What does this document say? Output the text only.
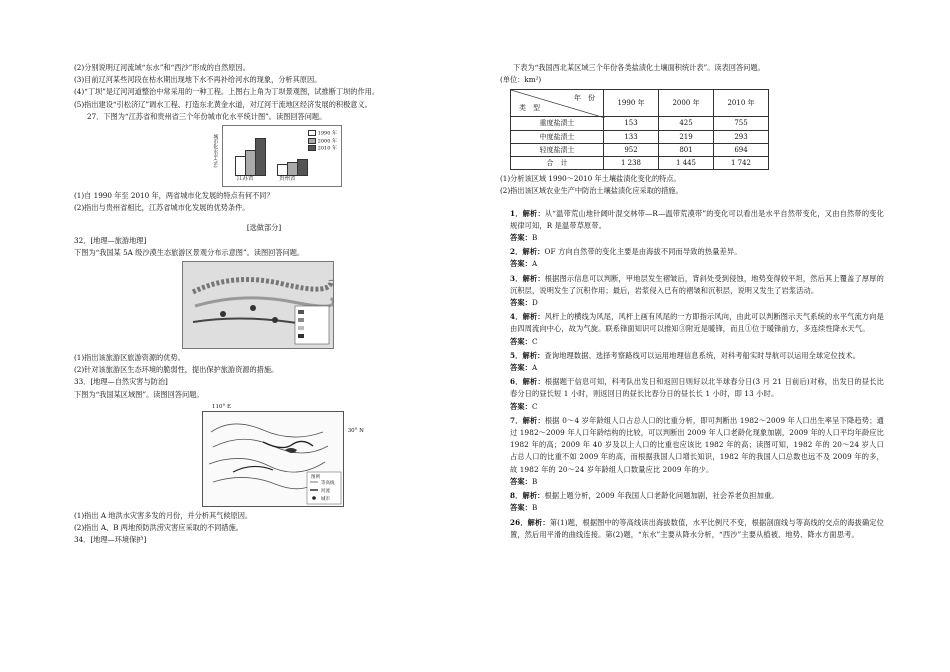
(2)分别说明辽河流域“东水”和“西沙”形成的自然原因。

(3)目前辽河某些河段在枯水期出现地下水不再补给河水的现象，分析其原因。

(4)“丁坝”是辽河河道整治中常采用的一种工程。上图右上角为丁坝景观图，试推断丁坝的作用。

(5)指出建设“引松济辽”调水工程、打造东北黄金水道，对辽河干流地区经济发展的积极意义。

27．下图为“江苏省和贵州省三个年份城市化水平统计图”。读图回答问题。

城市化水平(%)
1990 年
2000 年
2010 年
江苏省	贵州省

(1)自 1990 年至 2010 年，两省城市化发展的特点有何不同？

(2)指出与贵州省相比，江苏省城市化发展的优势条件。

[选做部分]

32．[地理—旅游地理]

下图为“我国某 5A 级沙漠生态旅游区景观分布示意图”。读图回答问题。

(1)指出该旅游区旅游资源的优势。

(2)针对该旅游区生态环境的脆弱性，提出保护旅游资源的措施。

33．[地理—自然灾害与防治]

下图为“我国某区域图”。读图回答问题。

110° E
30° N
图例
等高线
河流
城市

(1)指出 A 地洪水灾害多发的月份，并分析其气候原因。

(2)指出 A、B 两地预防洪涝灾害应采取的不同措施。

34．[地理—环境保护]

下表为“我国西北某区域三个年份各类盐渍化土壤面积统计表”。读表回答问题。

(单位：km²)

年　份
类　型	1990 年	2000 年	2010 年
重度盐渍土	153	425	755
中度盐渍土	133	219	293
轻度盐渍土	952	801	694
合　计	1 238	1 445	1 742

(1)分析该区域 1990～2010 年土壤盐渍化变化的特点。

(2)指出该区域农业生产中防治土壤盐渍化应采取的措施。

1．解析：从“温带荒山地针阔叶混交林带—R—温带荒漠带”的变化可以看出是水平自然带变化，又由自然带的变化规律可知，R 是温带草原带。

答案：B

2．解析：OF 方向自然带的变化主要是由海拔不同而导致的热量差异。

答案：A

3．解析：根据图示信息可以判断，甲地层发生褶皱后，背斜处受到侵蚀，地势变得较平坦，然后其上覆盖了厚厚的沉积层，说明发生了沉积作用；最后，岩浆侵入已有的褶皱和沉积层，说明又发生了岩浆活动。

答案：D

4．解析：风杆上的横线为风尾，风杆上画有风尾的一方即指示风向，由此可以判断图示天气系统的水平气流方向是由四周流向中心，故为气旋。联系锋面知识可以推知③附近是暖锋，而且①位于暖锋前方，多连续性降水天气。

答案：C

5．解析：查询地理数据、选择考察路线可以运用地理信息系统，对科考船实时导航可以运用全球定位技术。

答案：A

6．解析：根据题干信息可知，科考队出发日和返回日则好以北半球春分日(3 月 21 日前后)对称，出发日的昼长比春分日的昼长短 1 小时，则返回日的昼长比春分日的昼长长 1 小时，即 13 小时。

答案：C

7．解析：根据 0～4 岁年龄组人口占总人口的比重分析，即可判断出 1982～2009 年人口出生率呈下降趋势；通过 1982～2009 年人口年龄结构的比较，可以判断出 2009 年人口老龄化现象加剧，2009 年的人口平均年龄应比 1982 年的高；2009 年 40 岁及以上人口的比重也应该比 1982 年的高；读图可知，1982 年的 20～24 岁人口占总人口的比重不如 2009 年的高，而根据我国人口增长知识，1982 年的我国人口总数也远不及 2009 年的多，故 1982 年的 20～24 岁年龄组人口数量应比 2009 年的少。

答案：B

8．解析：根据上题分析，2009 年我国人口老龄化问题加剧，社会养老负担加重。

答案：B

26．解析：第(1)题，根据图中的等高线读出海拔数值，水平比例尺不变，根据剖面线与等高线的交点的海拔确定位置，然后用平滑的曲线连接。第(2)题，“东水”主要从降水分析，“西沙”主要从植被、地势、降水方面思考。
